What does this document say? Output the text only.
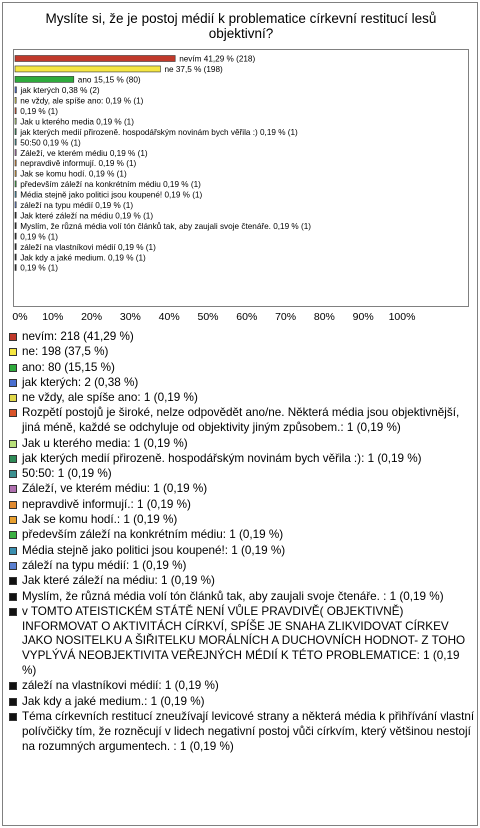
Myslíte si, že je postoj médií k problematice církevní restitucí lesů objektivní?
nevím 41,29 % (218)
ne 37,5 % (198)
ano 15,15 % (80)
jak kterých 0,38 % (2)
ne vždy, ale spíše ano: 0,19 % (1)
0,19 % (1)
Jak u kterého media 0,19 % (1)
jak kterých medií přirozeně. hospodářským novinám bych věřila :) 0,19 % (1)
50:50 0,19 % (1)
Záleží, ve kterém médiu 0,19 % (1)
nepravdivě informují. 0,19 % (1)
Jak se komu hodí. 0,19 % (1)
především záleží na konkrétním médiu 0,19 % (1)
Média stejně jako politici jsou koupené! 0,19 % (1)
záleží na typu médií 0,19 % (1)
Jak které záleží na médiu 0,19 % (1)
Myslím, že různá média volí tón článků tak, aby zaujali svoje čtenáře. 0,19 % (1)
0,19 % (1)
záleží na vlastníkovi médií 0,19 % (1)
Jak kdy a jaké medium. 0,19 % (1)
0,19 % (1)
0% 10% 20% 30% 40% 50% 60% 70% 80% 90% 100%
nevím: 218 (41,29 %)
ne: 198 (37,5 %)
ano: 80 (15,15 %)
jak kterých: 2 (0,38 %)
ne vždy, ale spíše ano: 1 (0,19 %)
Rozpětí postojů je široké, nelze odpovědět ano/ne. Některá média jsou objektivnější, jiná méně, každé se odchyluje od objektivity jiným způsobem.: 1 (0,19 %)
Jak u kterého media: 1 (0,19 %)
jak kterých medií přirozeně. hospodářským novinám bych věřila :): 1 (0,19 %)
50:50: 1 (0,19 %)
Záleží, ve kterém médiu: 1 (0,19 %)
nepravdivě informují.: 1 (0,19 %)
Jak se komu hodí.: 1 (0,19 %)
především záleží na konkrétním médiu: 1 (0,19 %)
Média stejně jako politici jsou koupené!: 1 (0,19 %)
záleží na typu médií: 1 (0,19 %)
Jak které záleží na médiu: 1 (0,19 %)
Myslím, že různá média volí tón článků tak, aby zaujali svoje čtenáře. : 1 (0,19 %)
v TOMTO ATEISTICKÉM STÁTĚ NENÍ VŮLE PRAVDIVĚ( OBJEKTIVNĚ) INFORMOVAT O AKTIVITÁCH CÍRKVÍ, SPÍŠE JE SNAHA ZLIKVIDOVAT CÍRKEV JAKO NOSITELKU A ŠIŘITELKU MORÁLNÍCH A DUCHOVNÍCH HODNOT- Z TOHO VYPLÝVÁ NEOBJEKTIVITA VEŘEJNÝCH MÉDIÍ K TÉTO PROBLEMATICE: 1 (0,19 %)
záleží na vlastníkovi médií: 1 (0,19 %)
Jak kdy a jaké medium.: 1 (0,19 %)
Téma církevních restitucí zneužívají levicové strany a některá média k přihřívání vlastní polívčičky tím, že rozněcují v lidech negativní postoj vůči církvím, který většinou nestojí na rozumných argumentech. : 1 (0,19 %)
